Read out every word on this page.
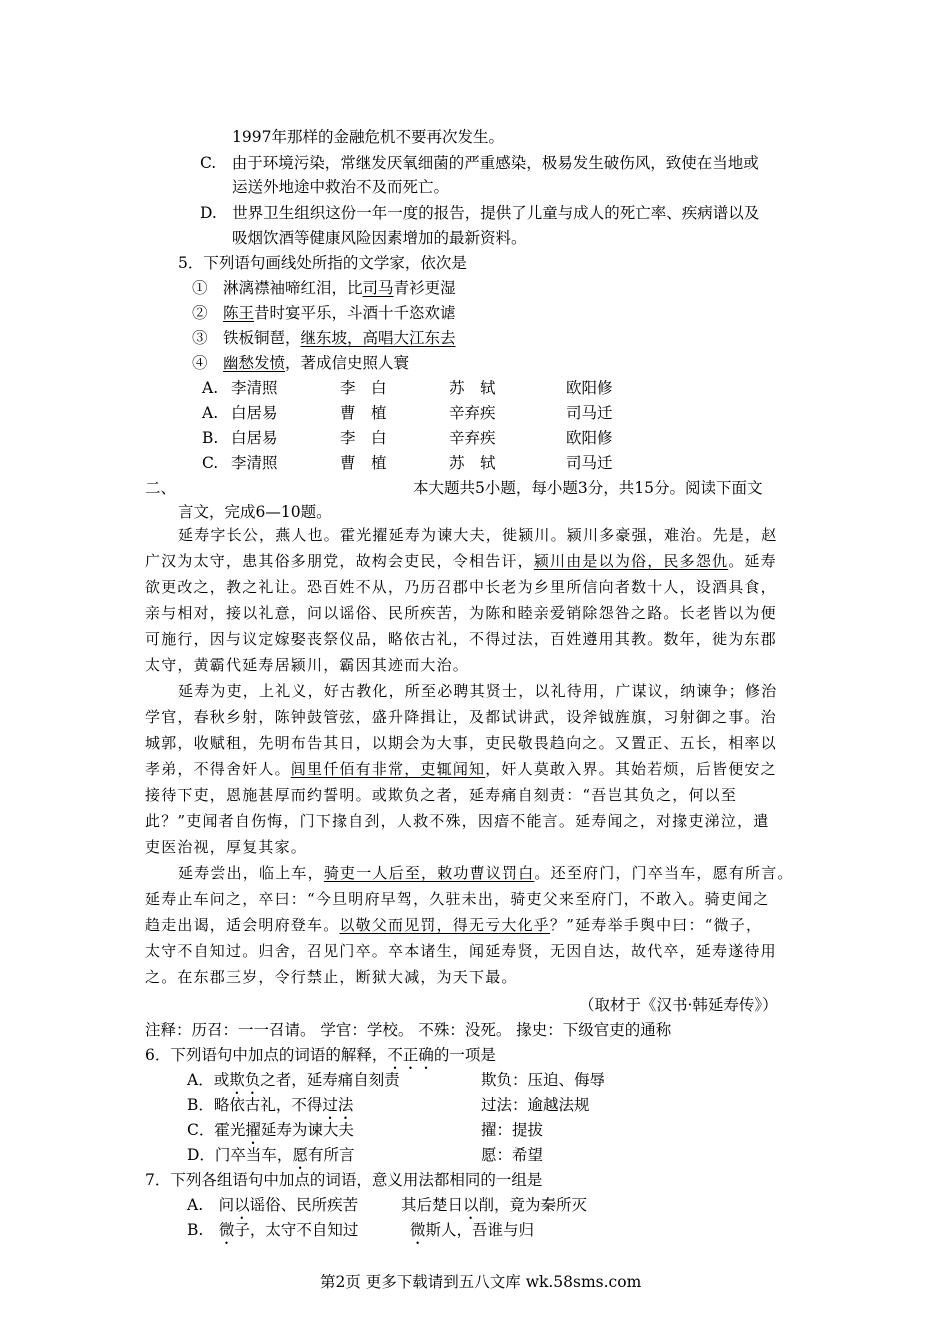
1997年那样的金融危机不要再次发生。
C.　由于环境污染，常继发厌氧细菌的严重感染，极易发生破伤风，致使在当地或
运送外地途中救治不及而死亡。
D.　世界卫生组织这份一年一度的报告，提供了儿童与成人的死亡率、疾病谱以及
吸烟饮酒等健康风险因素增加的最新资料。
5．下列语句画线处所指的文学家，依次是
①　 淋漓襟袖啼红泪，比司马青衫更湿
②　 陈王昔时宴平乐，斗酒十千恣欢谑
③　 铁板铜琶，继东坡，高唱大江东去
④　 幽愁发愤，著成信史照人寰
A. 李清照	李　白	苏　轼	欧阳修
A. 白居易	曹　植	辛弃疾	司马迁
B. 白居易	李　白	辛弃疾	欧阳修
C. 李清照	曹　植	苏　轼	司马迁
二、	本大题共5小题，每小题3分，共15分。阅读下面文
言文，完成6—10题。
延寿字长公，燕人也。霍光擢延寿为谏大夫，徙颍川。颍川多豪强，难治。先是，赵
广汉为太守，患其俗多朋党，故构会吏民，令相告讦，颍川由是以为俗，民多怨仇。延寿
欲更改之，教之礼让。恐百姓不从，乃历召郡中长老为乡里所信向者数十人，设酒具食，
亲与相对，接以礼意，问以谣俗、民所疾苦，为陈和睦亲爱销除怨咎之路。长老皆以为便
可施行，因与议定嫁娶丧祭仪品，略依古礼，不得过法，百姓遵用其教。数年，徙为东郡
太守，黄霸代延寿居颍川，霸因其迹而大治。
延寿为吏，上礼义，好古教化，所至必聘其贤士，以礼待用，广谋议，纳谏争；修治
学官，春秋乡射，陈钟鼓管弦，盛升降揖让，及都试讲武，设斧钺旌旗，习射御之事。治
城郭，收赋租，先明布告其日，以期会为大事，吏民敬畏趋向之。又置正、五长，相率以
孝弟，不得舍奸人。闾里仟佰有非常，吏辄闻知，奸人莫敢入界。其始若烦，后皆便安之
接待下吏，恩施甚厚而约誓明。或欺负之者，延寿痛自刻责：“吾岂其负之，何以至
此？”吏闻者自伤悔，门下掾自刭，人救不殊，因瘖不能言。延寿闻之，对掾吏涕泣，遣
吏医治视，厚复其家。
延寿尝出，临上车，骑吏一人后至，敕功曹议罚白。还至府门，门卒当车，愿有所言。
延寿止车问之，卒曰：“今旦明府早驾，久驻未出，骑吏父来至府门，不敢入。骑吏闻之
趋走出谒，适会明府登车。以敬父而见罚，得无亏大化乎？”延寿举手舆中曰：“微子，
太守不自知过。归舍，召见门卒。卒本诸生，闻延寿贤，无因自达，故代卒，延寿遂待用
之。在东郡三岁，令行禁止，断狱大减，为天下最。
（取材于《汉书·韩延寿传》）
注释：历召：一一召请。 学官：学校。 不殊：没死。 掾史：下级官吏的通称
6．下列语句中加点的词语的解释，不正确的一项是
A．或欺负之者，延寿痛自刻责	欺负：压迫、侮辱
B．略依古礼，不得过法	过法：逾越法规
C．霍光擢延寿为谏大夫	擢：提拔
D．门卒当车，愿有所言	愿：希望
7．下列各组语句中加点的词语，意义用法都相同的一组是
A.　问以谣俗、民所疾苦	其后楚日以削，竟为秦所灭
B.　微子，太守不自知过	微斯人，吾谁与归
第2页 更多下载请到五八文库 wk.58sms.com
